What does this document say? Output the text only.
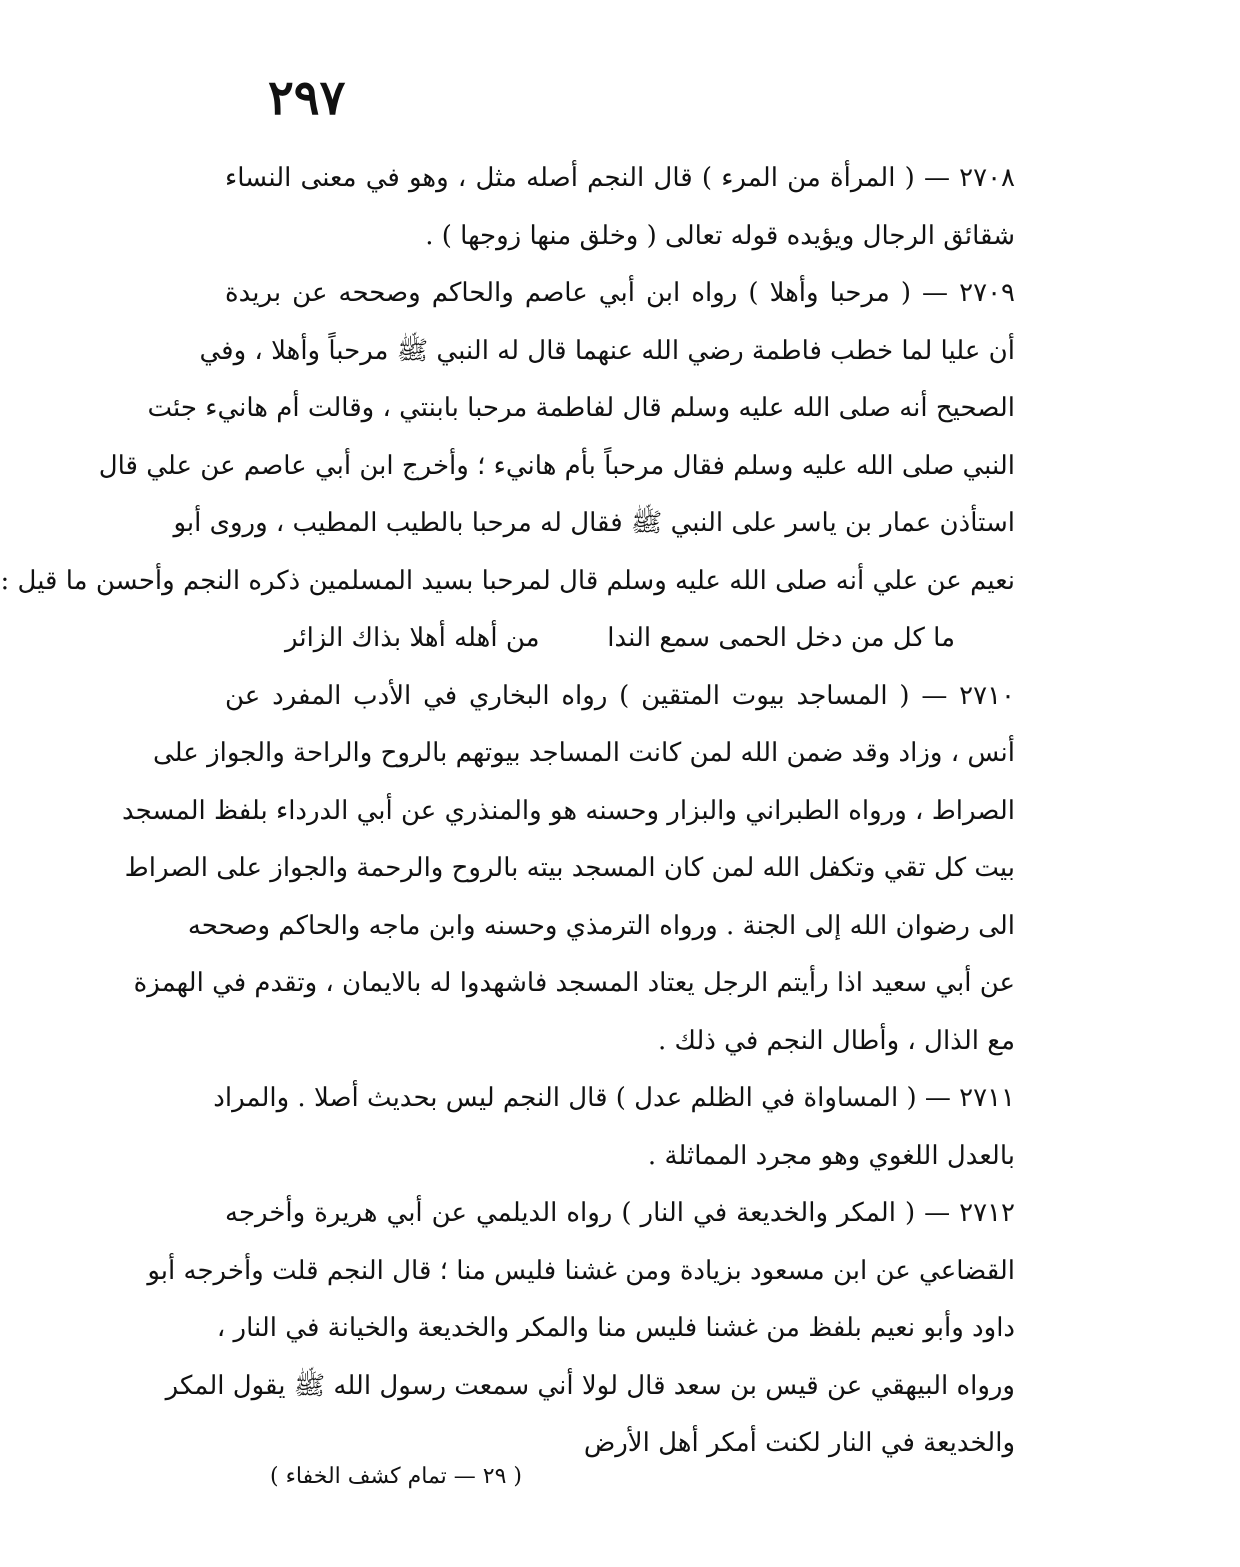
٢٩٧
٢٧٠٨ — ( المرأة من المرء ) قال النجم أصله مثل ، وهو في معنى النساء
شقائق الرجال ويؤيده قوله تعالى ( وخلق منها زوجها ) .
٢٧٠٩ — ( مرحبا وأهلا ) رواه ابن أبي عاصم والحاكم وصححه عن بريدة
أن عليا لما خطب فاطمة رضي الله عنهما قال له النبي ﷺ مرحباً وأهلا ، وفي
الصحيح أنه صلى الله عليه وسلم قال لفاطمة مرحبا بابنتي ، وقالت أم هانيء جئت
النبي صلى الله عليه وسلم فقال مرحباً بأم هانيء ؛ وأخرج ابن أبي عاصم عن علي قال
استأذن عمار بن ياسر على النبي ﷺ فقال له مرحبا بالطيب المطيب ، وروى أبو
نعيم عن علي أنه صلى الله عليه وسلم قال لمرحبا بسيد المسلمين ذكره النجم وأحسن ما قيل :
ما كل من دخل الحمى سمع الندا
من أهله أهلا بذاك الزائر
٢٧١٠ — ( المساجد بيوت المتقين ) رواه البخاري في الأدب المفرد عن
أنس ، وزاد وقد ضمن الله لمن كانت المساجد بيوتهم بالروح والراحة والجواز على
الصراط ، ورواه الطبراني والبزار وحسنه هو والمنذري عن أبي الدرداء بلفظ المسجد
بيت كل تقي وتكفل الله لمن كان المسجد بيته بالروح والرحمة والجواز على الصراط
الى رضوان الله إلى الجنة . ورواه الترمذي وحسنه وابن ماجه والحاكم وصححه
عن أبي سعيد اذا رأيتم الرجل يعتاد المسجد فاشهدوا له بالايمان ، وتقدم في الهمزة
مع الذال ، وأطال النجم في ذلك .
٢٧١١ — ( المساواة في الظلم عدل ) قال النجم ليس بحديث أصلا . والمراد
بالعدل اللغوي وهو مجرد المماثلة .
٢٧١٢ — ( المكر والخديعة في النار ) رواه الديلمي عن أبي هريرة وأخرجه
القضاعي عن ابن مسعود بزيادة ومن غشنا فليس منا ؛ قال النجم قلت وأخرجه أبو
داود وأبو نعيم بلفظ من غشنا فليس منا والمكر والخديعة والخيانة في النار ،
ورواه البيهقي عن قيس بن سعد قال لولا أني سمعت رسول الله ﷺ يقول المكر
والخديعة في النار لكنت أمكر أهل الأرض
( ٢٩ — تمام كشف الخفاء )
